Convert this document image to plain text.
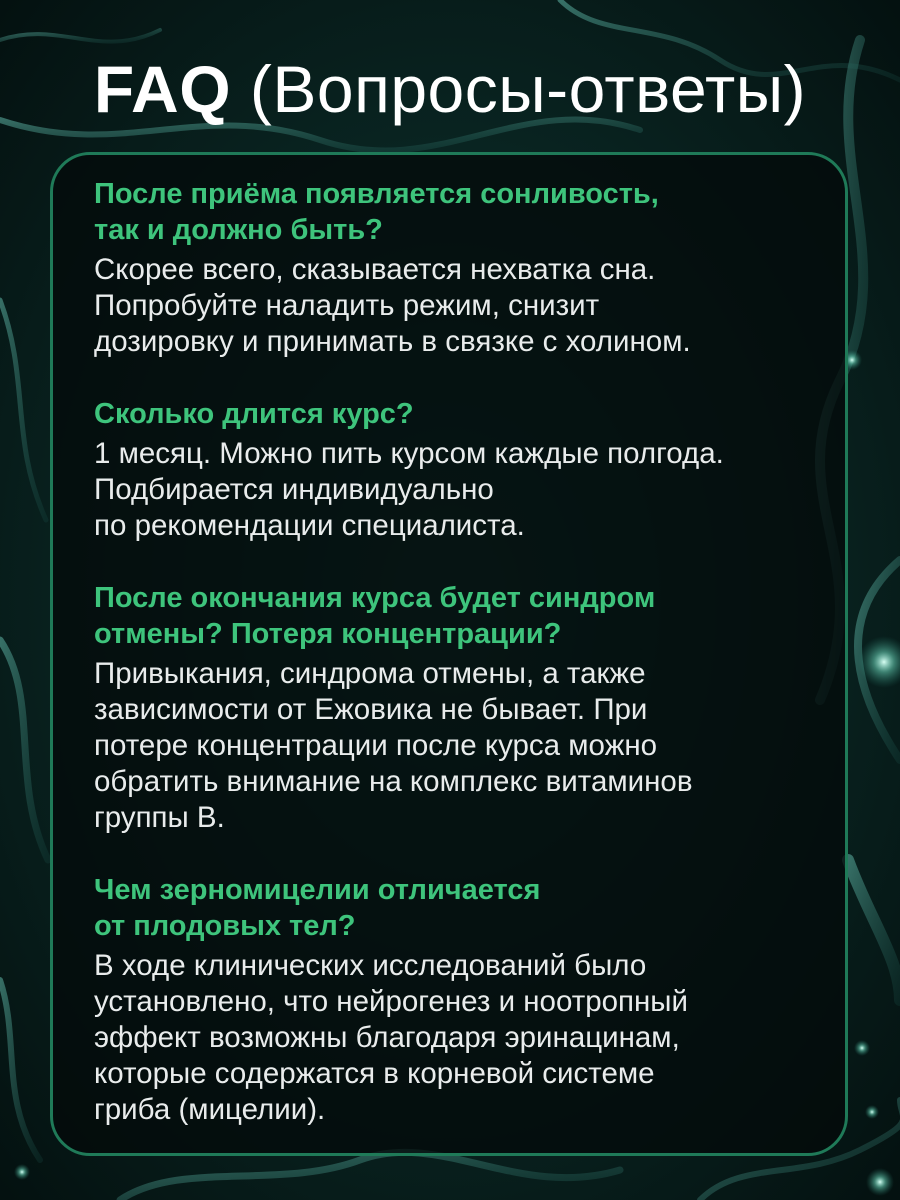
FAQ (Вопросы-ответы)

После приёма появляется сонливость,
так и должно быть?

Скорее всего, сказывается нехватка сна.
Попробуйте наладить режим, снизит
дозировку и принимать в связке с холином.

Сколько длится курс?

1 месяц. Можно пить курсом каждые полгода.
Подбирается индивидуально
по рекомендации специалиста.

После окончания курса будет синдром
отмены? Потеря концентрации?

Привыкания, синдрома отмены, а также
зависимости от Ежовика не бывает. При
потере концентрации после курса можно
обратить внимание на комплекс витаминов
группы В.

Чем зерномицелии отличается
от плодовых тел?

В ходе клинических исследований было
установлено, что нейрогенез и ноотропный
эффект возможны благодаря эринацинам,
которые содержатся в корневой системе
гриба (мицелии).
